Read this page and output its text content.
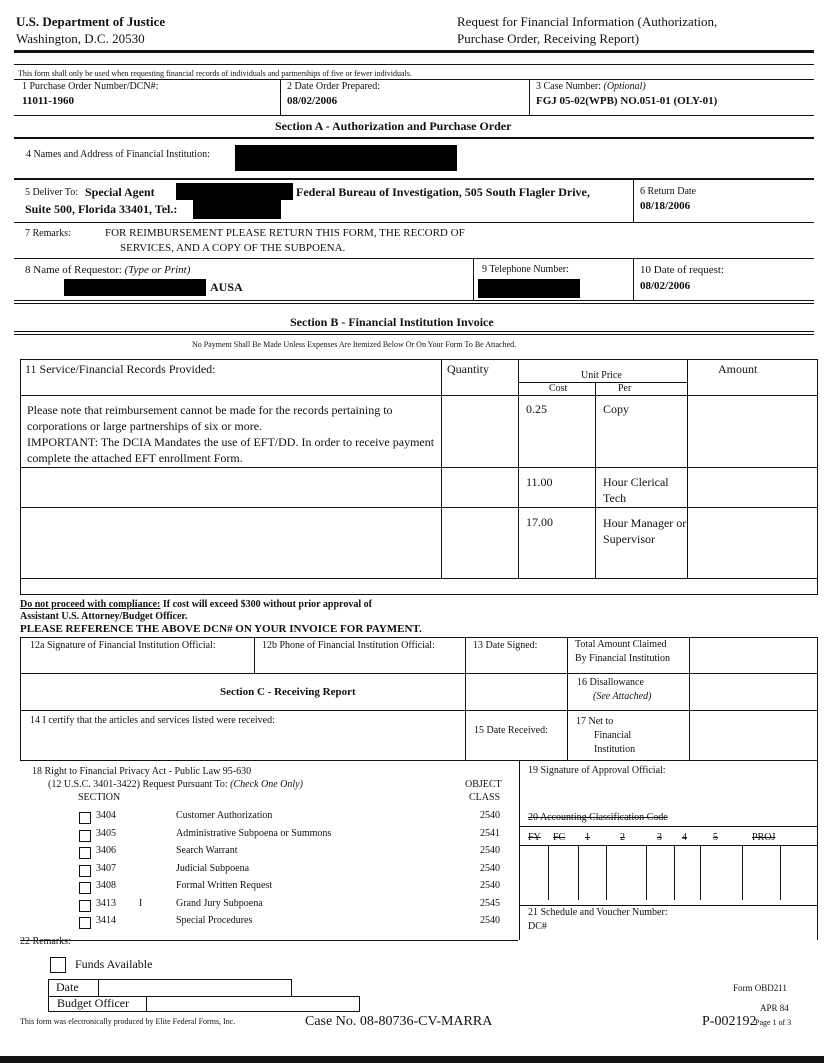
U.S. Department of Justice
Washington, D.C. 20530
Request for Financial Information (Authorization,
Purchase Order, Receiving Report)
This form shall only be used when requesting financial records of individuals and partnerships of five or fewer individuals.
1 Purchase Order Number/DCN#:
11011-1960
2 Date Order Prepared:
08/02/2006
3 Case Number: (Optional)
FGJ 05-02(WPB) NO.051-01 (OLY-01)
Section A - Authorization and Purchase Order
4 Names and Address of Financial Institution:
5 Deliver To: Special Agent	Federal Bureau of Investigation, 505 South Flagler Drive,
Suite 500, Florida 33401, Tel.:
6 Return Date
08/18/2006
7 Remarks:	FOR REIMBURSEMENT PLEASE RETURN THIS FORM, THE RECORD OF
SERVICES, AND A COPY OF THE SUBPOENA.
8 Name of Requestor: (Type or Print)
AUSA
9 Telephone Number:	10 Date of request:
08/02/2006
Section B - Financial Institution Invoice
No Payment Shall Be Made Unless Expenses Are Itemized Below Or On Your Form To Be Attached.
11 Service/Financial Records Provided:	Quantity	Unit Price
Cost	Per
Amount
Please note that reimbursement cannot be made for the records pertaining to corporations or large partnerships of six or more.
IMPORTANT: The DCIA Mandates the use of EFT/DD. In order to receive payment complete the attached EFT enrollment Form.
0.25	Copy
11.00	Hour Clerical Tech
17.00	Hour Manager or Supervisor
Do not proceed with compliance: If cost will exceed $300 without prior approval of
Assistant U.S. Attorney/Budget Officer.
PLEASE REFERENCE THE ABOVE DCN# ON YOUR INVOICE FOR PAYMENT.
12a Signature of Financial Institution Official:	12b Phone of Financial Institution Official:	13 Date Signed:	Total Amount Claimed
By Financial Institution
Section C - Receiving Report
16 Disallowance
(See Attached)
14 I certify that the articles and services listed were received:
15 Date Received:
17 Net to
Financial
Institution
18 Right to Financial Privacy Act - Public Law 95-630
(12 U.S.C. 3401-3422) Request Pursuant To: (Check One Only)
SECTION
OBJECT
CLASS
3404	Customer Authorization	2540
3405	Administrative Subpoena or Summons	2541
3406	Search Warrant	2540
3407	Judicial Subpoena	2540
3408	Formal Written Request	2540
3413 I	Grand Jury Subpoena	2545
3414	Special Procedures	2540
19 Signature of Approval Official:
20 Accounting Classification Code
FY FC 1	2	3 4	5	PROJ
21 Schedule and Voucher Number:
DC#
22 Remarks:
Funds Available
Date
Budget Officer
This form was electronically produced by Elite Federal Forms, Inc.	Case No. 08-80736-CV-MARRA
Form OBD211
APR 84
Page 1 of 3
P-002192
